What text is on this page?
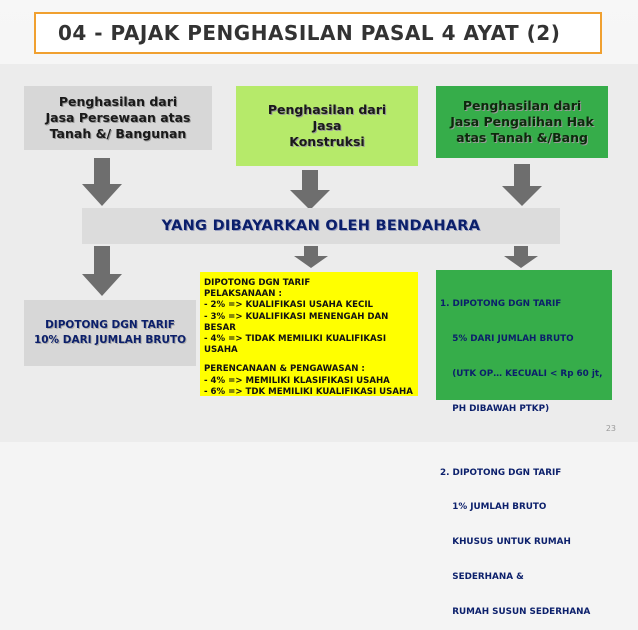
04 - PAJAK PENGHASILAN PASAL 4 AYAT (2)
Penghasilan dari
Jasa Persewaan atas
Tanah &/ Bangunan
Penghasilan dari
Jasa
Konstruksi
Penghasilan dari
Jasa Pengalihan Hak
atas Tanah &/Bang
YANG DIBAYARKAN OLEH BENDAHARA
DIPOTONG DGN TARIF
10% DARI JUMLAH BRUTO
DIPOTONG DGN TARIF
PELAKSANAAN :
- 2% => KUALIFIKASI USAHA KECIL
- 3% => KUALIFIKASI MENENGAH DAN BESAR
- 4% => TIDAK MEMILIKI KUALIFIKASI USAHA
PERENCANAAN & PENGAWASAN :
- 4% => MEMILIKI KLASIFIKASI USAHA
- 6% => TDK MEMILIKI KUALIFIKASI USAHA

1. DIPOTONG DGN TARIF

5% DARI JUMLAH BRUTO

(UTK OP… KECUALI < Rp 60 jt,

PH DIBAWAH PTKP)

2. DIPOTONG DGN TARIF

1% JUMLAH BRUTO

KHUSUS UNTUK RUMAH

SEDERHANA &

RUMAH SUSUN SEDERHANA

23
